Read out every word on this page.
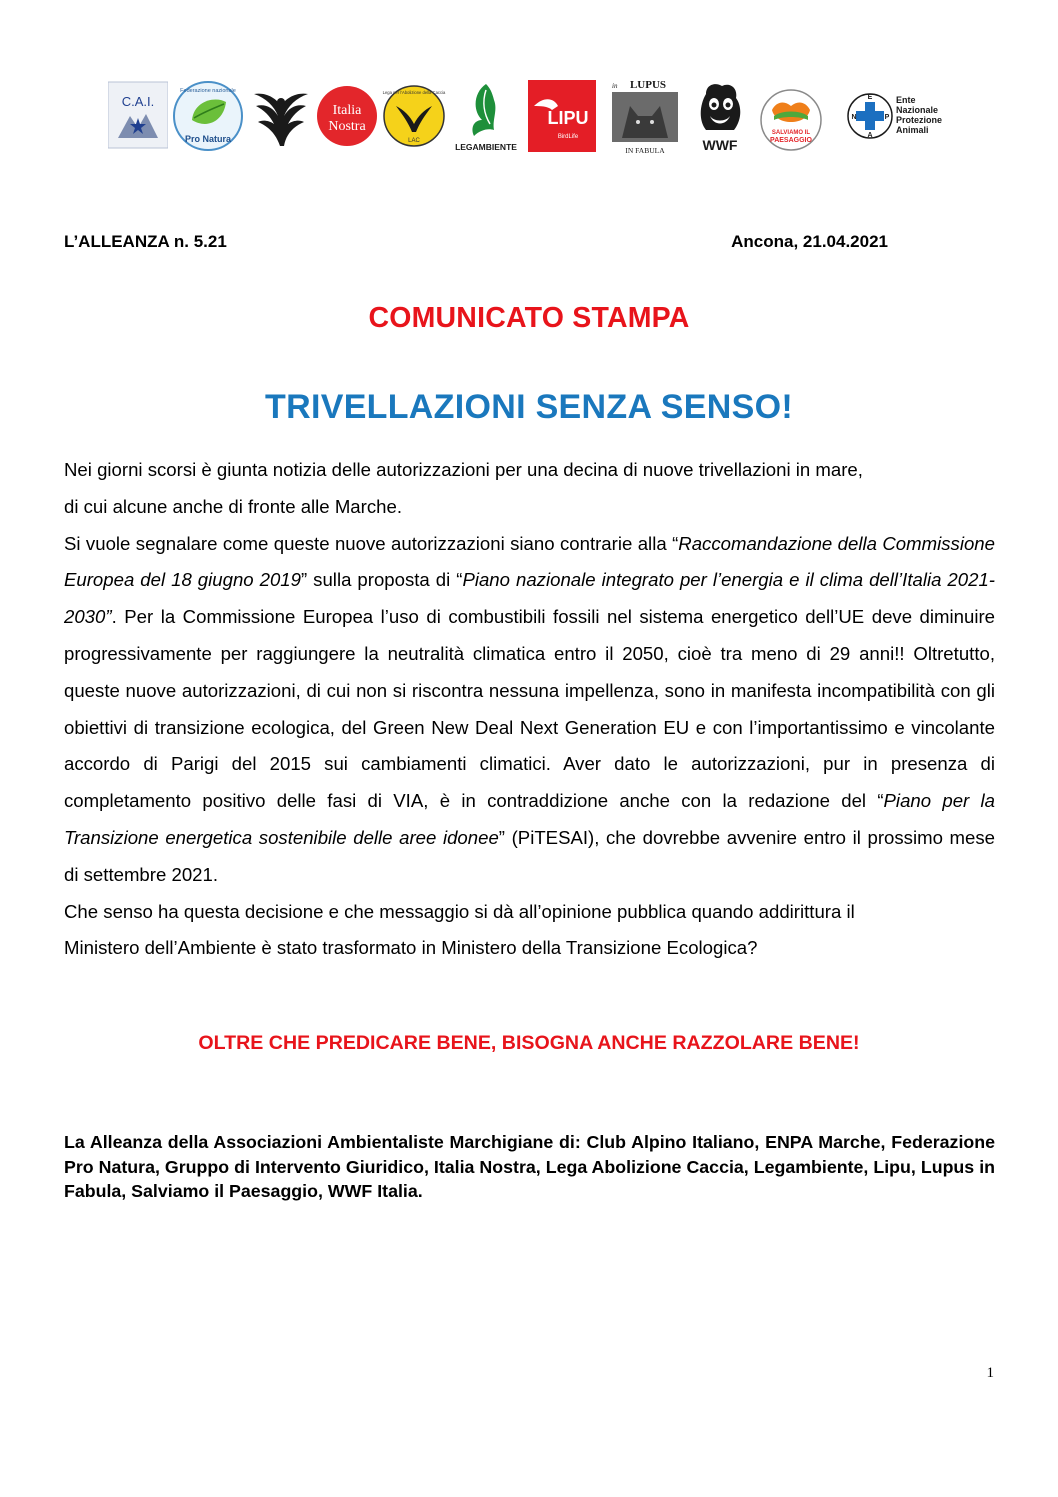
C.A.I.
Federazione nazionale
Pro Natura
Italia
Nostra
Lega per l'Abolizione della Caccia
LAC
LEGAMBIENTE
LIPU
BirdLife
in LUPUS
IN FABULA	WWF
SALVIAMO IL
PAESAGGIO
E
N	P
A
Ente
Nazionale
Protezione
Animali
L’ALLEANZA n. 5.21	Ancona, 21.04.2021
COMUNICATO STAMPA
TRIVELLAZIONI SENZA SENSO!

Nei giorni scorsi è giunta notizia delle autorizzazioni per una decina di nuove trivellazioni in mare,
di cui alcune anche di fronte alle Marche.

Si vuole segnalare come queste nuove autorizzazioni siano contrarie alla “Raccomandazione della Commissione Europea del 18 giugno 2019” sulla proposta di “Piano nazionale integrato per l’energia e il clima dell’Italia 2021-2030”. Per la Commissione Europea l’uso di combustibili fossili nel sistema energetico dell’UE deve diminuire progressivamente per raggiungere la neutralità climatica entro il 2050, cioè tra meno di 29 anni!! Oltretutto, queste nuove autorizzazioni, di cui non si riscontra nessuna impellenza, sono in manifesta incompatibilità con gli obiettivi di transizione ecologica, del Green New Deal Next Generation EU e con l’importantissimo e vincolante accordo di Parigi del 2015 sui cambiamenti climatici. Aver dato le autorizzazioni, pur in presenza di completamento positivo delle fasi di VIA, è in contraddizione anche con la redazione del “Piano per la Transizione energetica sostenibile delle aree idonee” (PiTESAI), che dovrebbe avvenire entro il prossimo mese di settembre 2021.

Che senso ha questa decisione e che messaggio si dà all’opinione pubblica quando addirittura il
Ministero dell’Ambiente è stato trasformato in Ministero della Transizione Ecologica?

OLTRE CHE PREDICARE BENE, BISOGNA ANCHE RAZZOLARE BENE!
La Alleanza della Associazioni Ambientaliste Marchigiane di: Club Alpino Italiano, ENPA Marche, Federazione Pro Natura, Gruppo di Intervento Giuridico, Italia Nostra, Lega Abolizione Caccia, Legambiente, Lipu, Lupus in Fabula, Salviamo il Paesaggio, WWF Italia.
1
